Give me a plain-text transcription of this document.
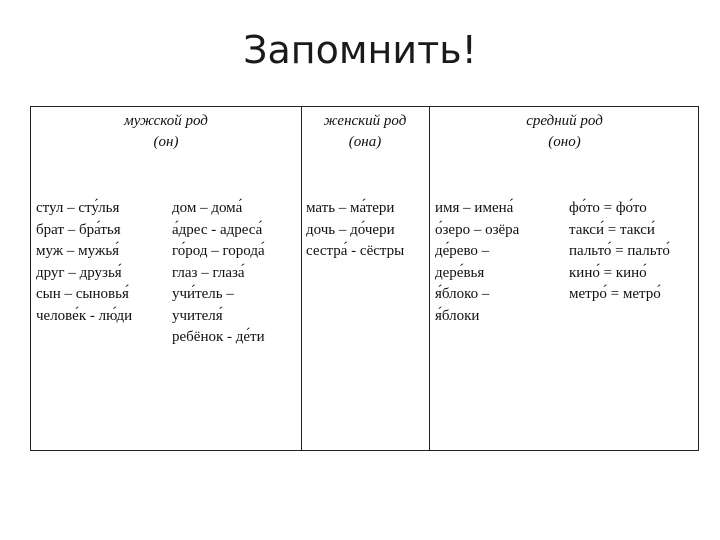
Запомнить!
мужской род
(он)
женский род
(она)
средний род
(оно)
стул – сту́лья
брат – бра́тья
муж – мужья́
друг – друзья́
сын – сыновья́
челове́к - лю́ди
дом – дома́
а́дрес - адреса́
го́род – города́
глаз – глаза́
учи́тель –
учителя́
ребёнок - де́ти
мать – ма́тери
дочь – до́чери
сестра́ - сёстры
имя – имена́
о́зеро – озёра
де́рево –
дере́вья
я́блоко –
я́блоки
фо́то = фо́то
такси́ = такси́
пальто́ = пальто́
кино́ = кино́
метро́ = метро́
